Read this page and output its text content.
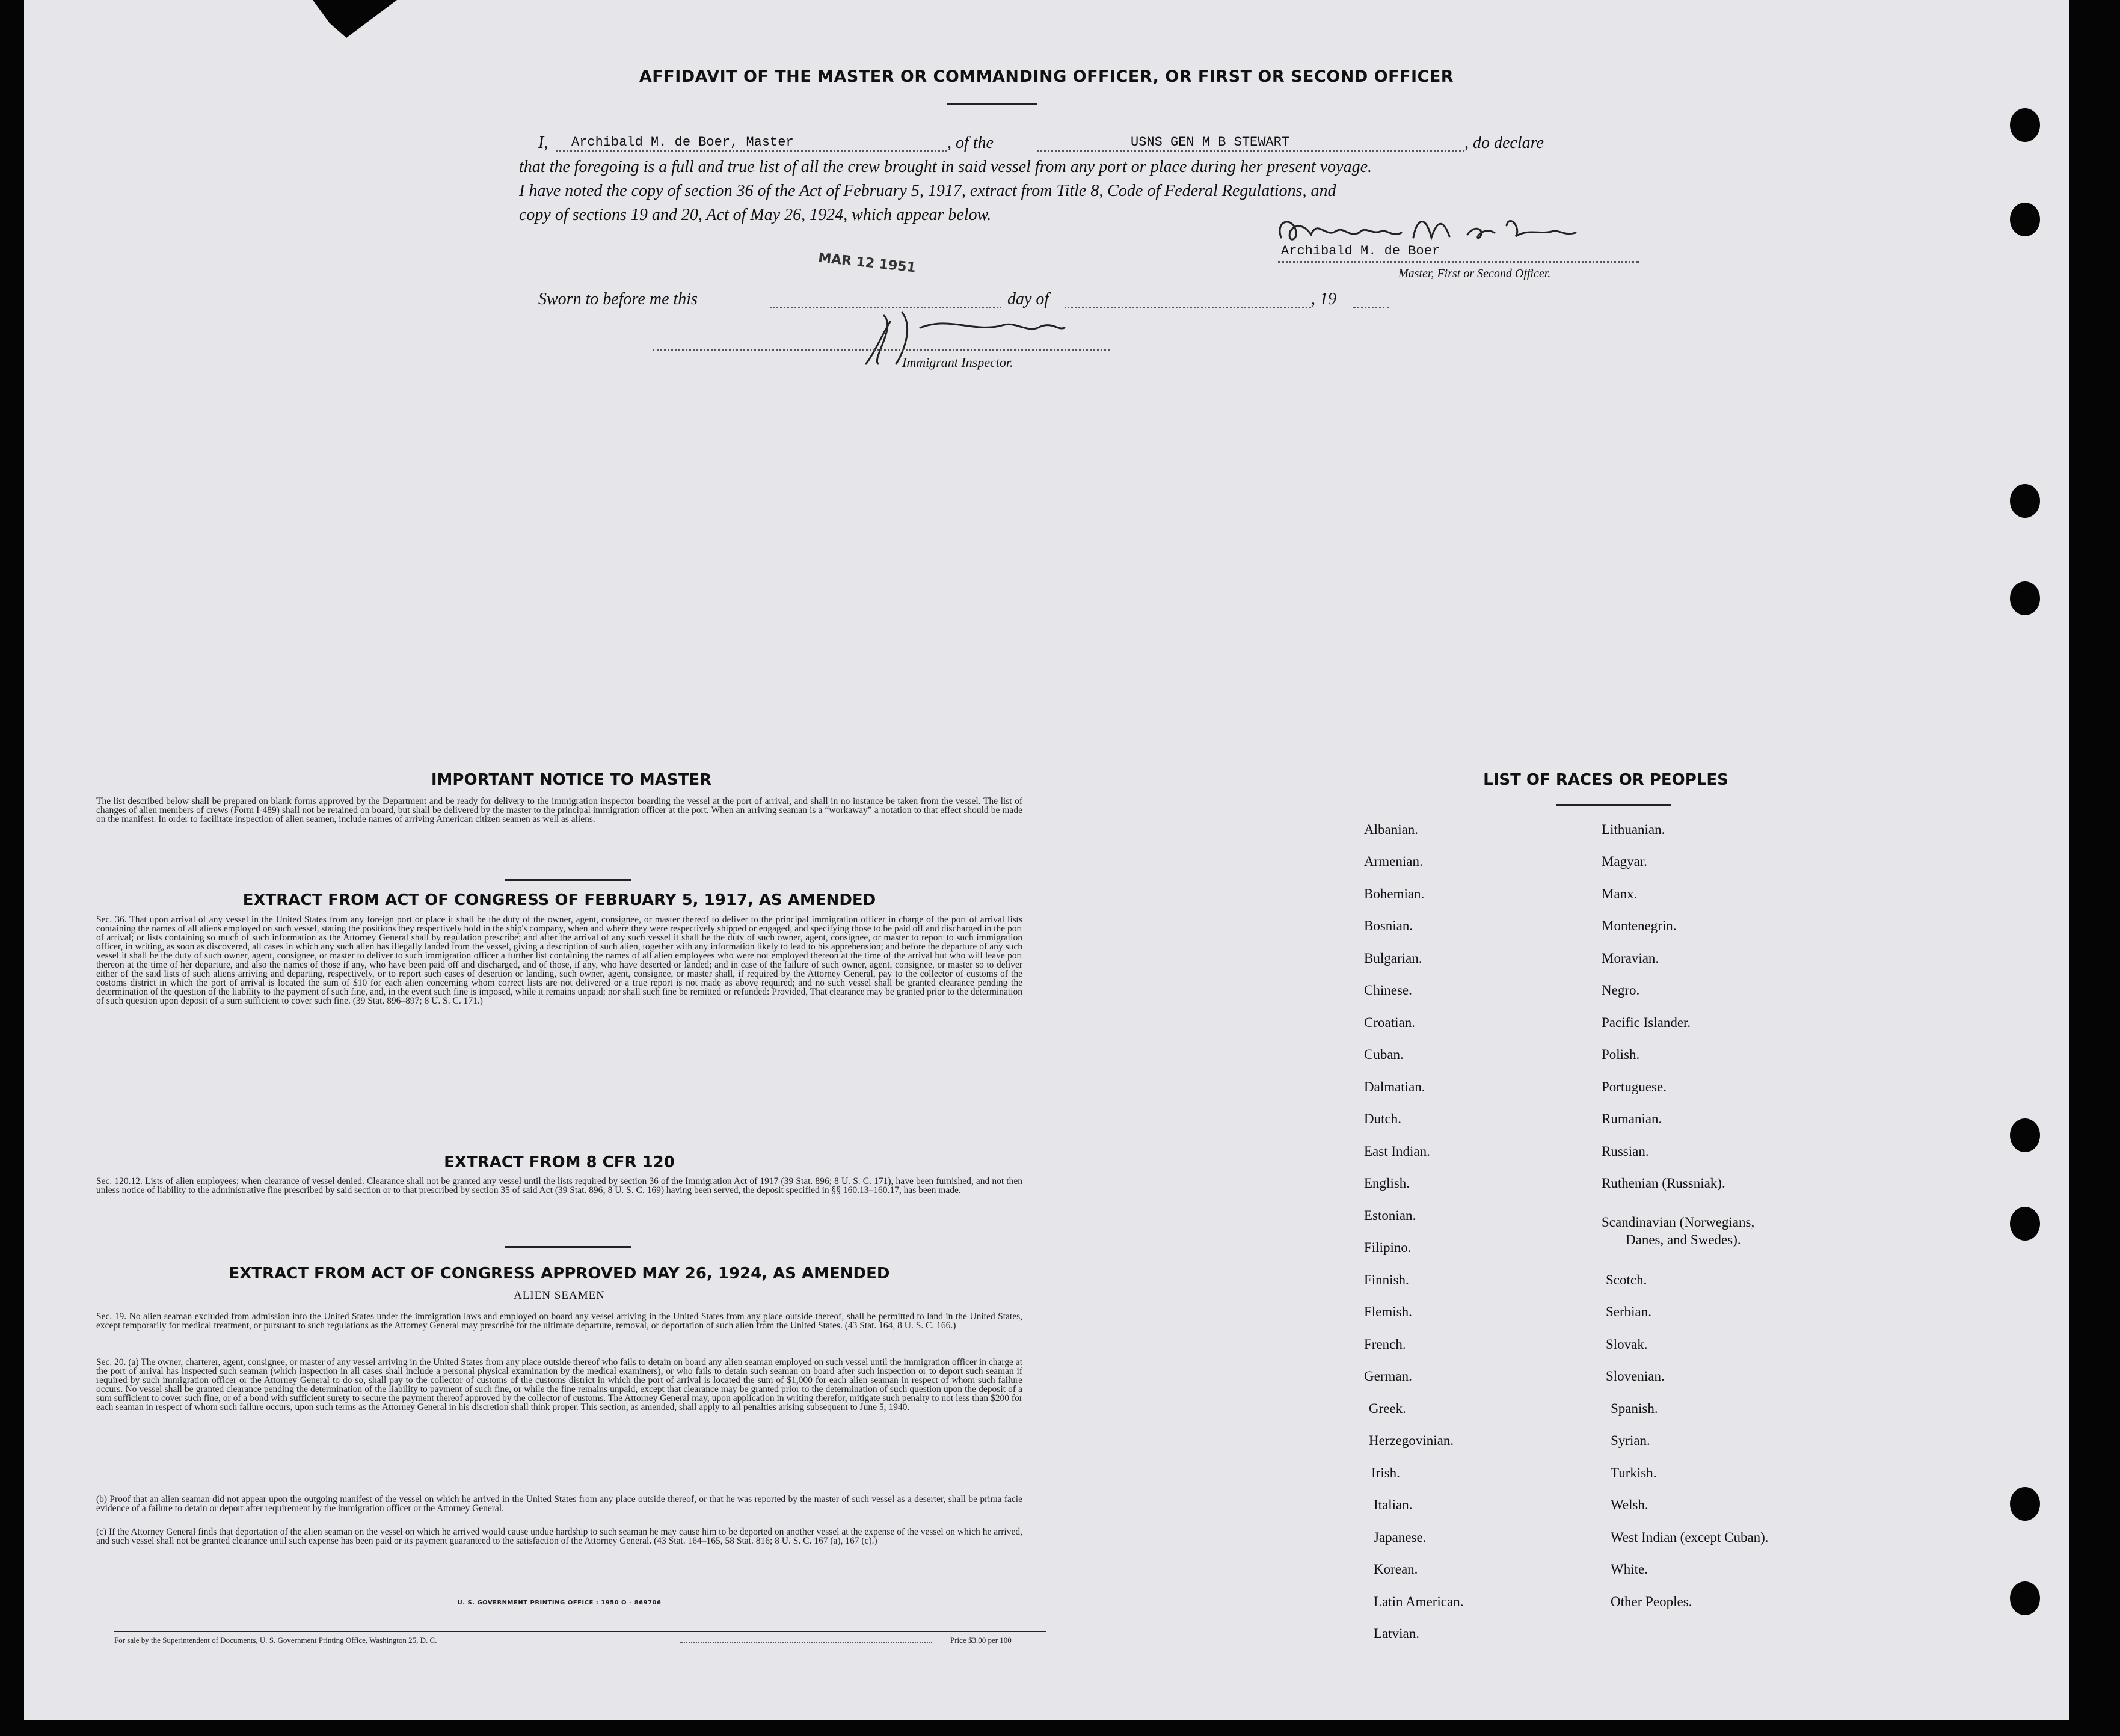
AFFIDAVIT OF THE MASTER OR COMMANDING OFFICER, OR FIRST OR SECOND OFFICER
I, Archibald M. de Boer, Master	, of the	USNS GEN M B STEWART	, do declare
that the foregoing is a full and true list of all the crew brought in said vessel from any port or place during her present voyage.
I have noted the copy of section 36 of the Act of February 5, 1917, extract from Title 8, Code of Federal Regulations, and
copy of sections 19 and 20, Act of May 26, 1924, which appear below.
Archibald M. de Boer
Master, First or Second Officer.
Sworn to before me this
MAR 12 1951
day of	, 19
Immigrant Inspector.
IMPORTANT NOTICE TO MASTER
The list described below shall be prepared on blank forms approved by the Department and be ready for delivery to the immigration inspector boarding the vessel at the port of arrival, and shall in no instance be taken from the vessel. The list of changes of alien members of crews (Form I-489) shall not be retained on board, but shall be delivered by the master to the principal immigration officer at the port. When an arriving seaman is a “workaway” a notation to that effect should be made on the manifest. In order to facilitate inspection of alien seamen, include names of arriving American citizen seamen as well as aliens.
EXTRACT FROM ACT OF CONGRESS OF FEBRUARY 5, 1917, AS AMENDED
Sec. 36. That upon arrival of any vessel in the United States from any foreign port or place it shall be the duty of the owner, agent, consignee, or master thereof to deliver to the principal immigration officer in charge of the port of arrival lists containing the names of all aliens employed on such vessel, stating the positions they respectively hold in the ship's company, when and where they were respectively shipped or engaged, and specifying those to be paid off and discharged in the port of arrival; or lists containing so much of such information as the Attorney General shall by regulation prescribe; and after the arrival of any such vessel it shall be the duty of such owner, agent, consignee, or master to report to such immigration officer, in writing, as soon as discovered, all cases in which any such alien has illegally landed from the vessel, giving a description of such alien, together with any information likely to lead to his apprehension; and before the departure of any such vessel it shall be the duty of such owner, agent, consignee, or master to deliver to such immigration officer a further list containing the names of all alien employees who were not employed thereon at the time of the arrival but who will leave port thereon at the time of her departure, and also the names of those if any, who have been paid off and discharged, and of those, if any, who have deserted or landed; and in case of the failure of such owner, agent, consignee, or master so to deliver either of the said lists of such aliens arriving and departing, respectively, or to report such cases of desertion or landing, such owner, agent, consignee, or master shall, if required by the Attorney General, pay to the collector of customs of the costoms district in which the port of arrival is located the sum of $10 for each alien concerning whom correct lists are not delivered or a true report is not made as above required; and no such vessel shall be granted clearance pending the determination of the question of the liability to the payment of such fine, and, in the event such fine is imposed, while it remains unpaid; nor shall such fine be remitted or refunded: Provided, That clearance may be granted prior to the determination of such question upon deposit of a sum sufficient to cover such fine. (39 Stat. 896–897; 8 U. S. C. 171.)
EXTRACT FROM 8 CFR 120
Sec. 120.12. Lists of alien employees; when clearance of vessel denied. Clearance shall not be granted any vessel until the lists required by section 36 of the Immigration Act of 1917 (39 Stat. 896; 8 U. S. C. 171), have been furnished, and not then unless notice of liability to the administrative fine prescribed by said section or to that prescribed by section 35 of said Act (39 Stat. 896; 8 U. S. C. 169) having been served, the deposit specified in §§ 160.13–160.17, has been made.
EXTRACT FROM ACT OF CONGRESS APPROVED MAY 26, 1924, AS AMENDED
ALIEN SEAMEN
Sec. 19. No alien seaman excluded from admission into the United States under the immigration laws and employed on board any vessel arriving in the United States from any place outside thereof, shall be permitted to land in the United States, except temporarily for medical treatment, or pursuant to such regulations as the Attorney General may prescribe for the ultimate departure, removal, or deportation of such alien from the United States. (43 Stat. 164, 8 U. S. C. 166.)
Sec. 20. (a) The owner, charterer, agent, consignee, or master of any vessel arriving in the United States from any place outside thereof who fails to detain on board any alien seaman employed on such vessel until the immigration officer in charge at the port of arrival has inspected such seaman (which inspection in all cases shall include a personal physical examination by the medical examiners), or who fails to detain such seaman on board after such inspection or to deport such seaman if required by such immigration officer or the Attorney General to do so, shall pay to the collector of customs of the customs district in which the port of arrival is located the sum of $1,000 for each alien seaman in respect of whom such failure occurs. No vessel shall be granted clearance pending the determination of the liability to payment of such fine, or while the fine remains unpaid, except that clearance may be granted prior to the determination of such question upon the deposit of a sum sufficient to cover such fine, or of a bond with sufficient surety to secure the payment thereof approved by the collector of customs. The Attorney General may, upon application in writing therefor, mitigate such penalty to not less than $200 for each seaman in respect of whom such failure occurs, upon such terms as the Attorney General in his discretion shall think proper. This section, as amended, shall apply to all penalties arising subsequent to June 5, 1940.
(b) Proof that an alien seaman did not appear upon the outgoing manifest of the vessel on which he arrived in the United States from any place outside thereof, or that he was reported by the master of such vessel as a deserter, shall be prima facie evidence of a failure to detain or deport after requirement by the immigration officer or the Attorney General.
(c) If the Attorney General finds that deportation of the alien seaman on the vessel on which he arrived would cause undue hardship to such seaman he may cause him to be deported on another vessel at the expense of the vessel on which he arrived, and such vessel shall not be granted clearance until such expense has been paid or its payment guaranteed to the satisfaction of the Attorney General. (43 Stat. 164–165, 58 Stat. 816; 8 U. S. C. 167 (a), 167 (c).)
U. S. GOVERNMENT PRINTING OFFICE : 1950 O - 869706
For sale by the Superintendent of Documents, U. S. Government Printing Office, Washington 25, D. C.	Price $3.00 per 100
LIST OF RACES OR PEOPLES
Albanian.
Armenian.
Bohemian.
Bosnian.
Bulgarian.
Chinese.
Croatian.
Cuban.
Dalmatian.
Dutch.
East Indian.
English.
Estonian.
Filipino.
Finnish.
Flemish.
French.
German.
Greek.
Herzegovinian.
Irish.
Italian.
Japanese.
Korean.
Latin American.
Latvian.
Lithuanian.
Magyar.
Manx.
Montenegrin.
Moravian.
Negro.
Pacific Islander.
Polish.
Portuguese.
Rumanian.
Russian.
Ruthenian (Russniak).
Scandinavian (Norwegians,
Danes, and Swedes).
Scotch.
Serbian.
Slovak.
Slovenian.
Spanish.
Syrian.
Turkish.
Welsh.
West Indian (except Cuban).
White.
Other Peoples.
